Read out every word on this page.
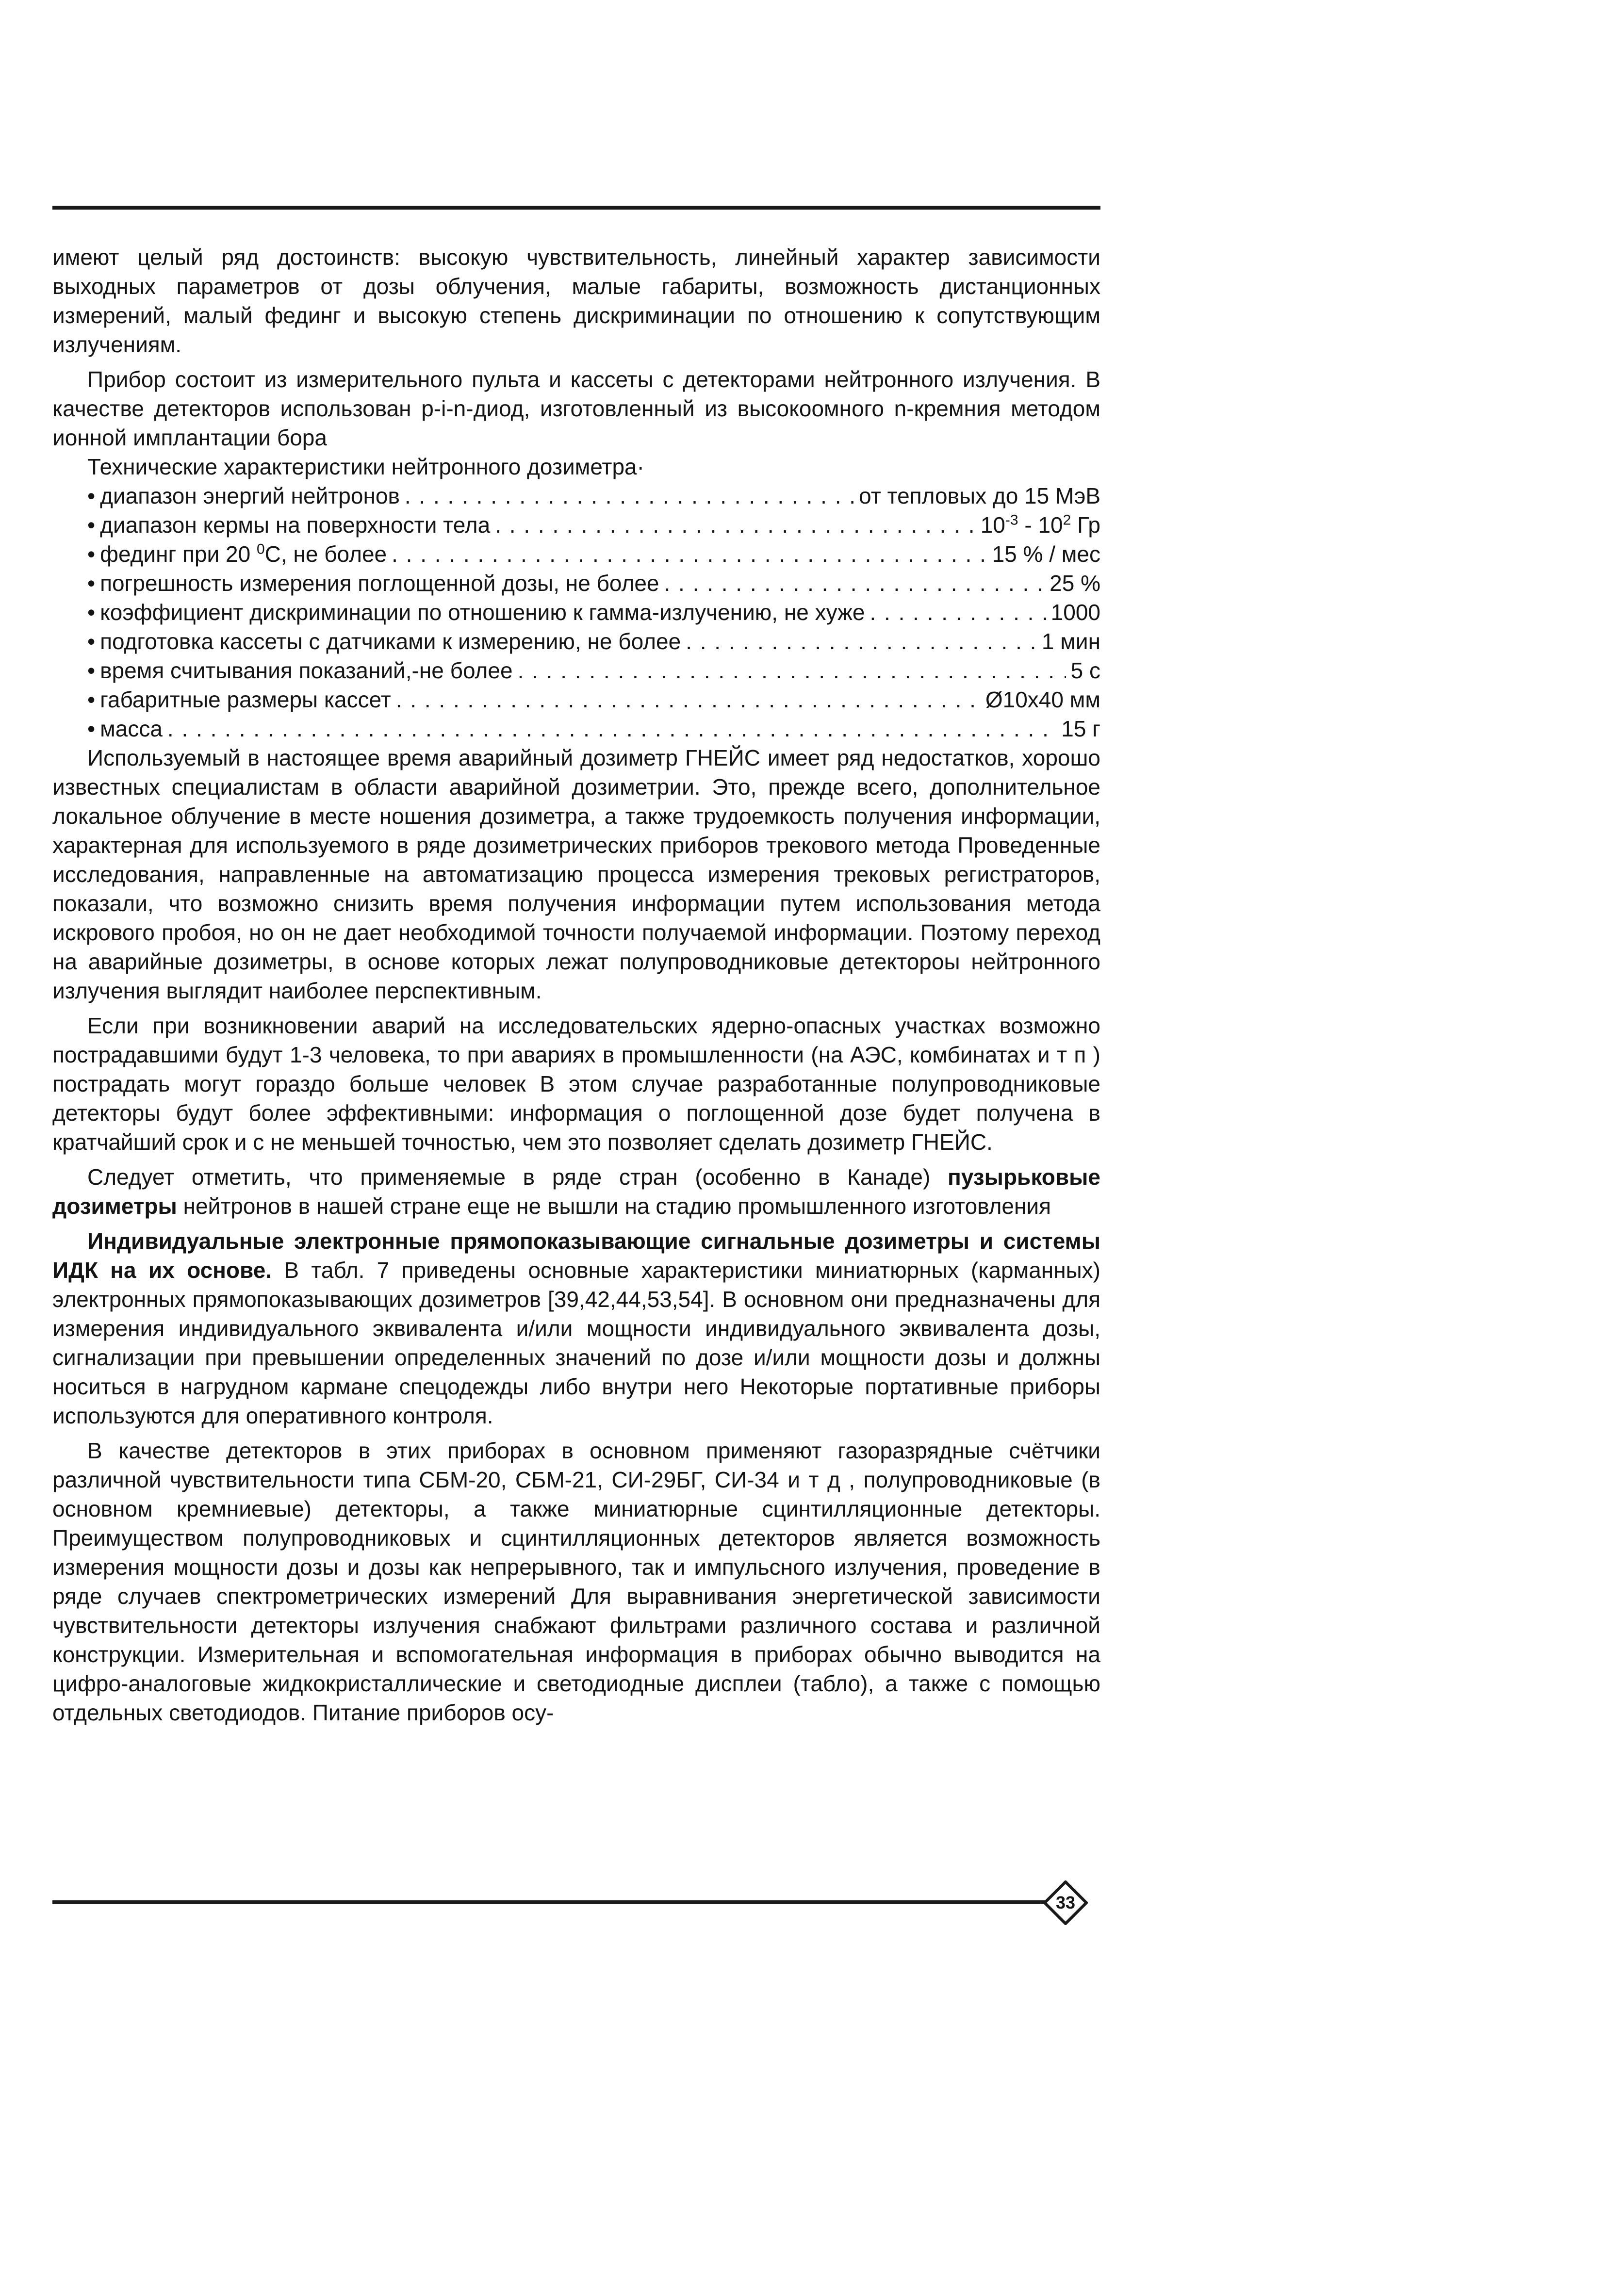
имеют целый ряд достоинств: высокую чувствительность, линейный характер зависимости выходных параметров от дозы облучения, малые габариты, возможность дистанционных измерений, малый фединг и высокую степень дискриминации по отношению к сопутствующим излучениям.

Прибор состоит из измерительного пульта и кассеты с детекторами нейтронного излучения. В качестве детекторов использован p-i-n-диод, изготовленный из высокоомного n-кремния методом ионной имплантации бора

Технические характеристики нейтронного дозиметра·

• диапазон энергий нейтронов . . .	от тепловых до 15 МэВ
• диапазон кермы на поверхности тела . . .	$10^{-3} - 10^2$ Гр
• фединг при 20 $^0$С, не более . . .	15 % / мес
• погрешность измерения поглощенной дозы, не более . . .	25 %
• коэффициент дискриминации по отношению к гамма-излучению, не хуже . . .	1000
• подготовка кассеты с датчиками к измерению, не более . . .	1 мин
• время считывания показаний,-не более . . .	5 с
• габаритные размеры кассет . . .	Ø10х40 мм
• масса . . .	15 г

Используемый в настоящее время аварийный дозиметр ГНЕЙС имеет ряд недостатков, хорошо известных специалистам в области аварийной дозиметрии. Это, прежде всего, дополнительное локальное облучение в месте ношения дозиметра, а также трудоемкость получения информации, характерная для используемого в ряде дозиметрических приборов трекового метода Проведенные исследования, направленные на автоматизацию процесса измерения трековых регистраторов, показали, что возможно снизить время получения информации путем использования метода искрового пробоя, но он не дает необходимой точности получаемой информации. Поэтому переход на аварийные дозиметры, в основе которых лежат полупроводниковые детектороы нейтронного излучения выглядит наиболее перспективным.

Если при возникновении аварий на исследовательских ядерно-опасных участках возможно пострадавшими будут 1-3 человека, то при авариях в промышленности (на АЭС, комбинатах и т п ) пострадать могут гораздо больше человек В этом случае разработанные полупроводниковые детекторы будут более эффективными: информация о поглощенной дозе будет получена в кратчайший срок и с не меньшей точностью, чем это позволяет сделать дозиметр ГНЕЙС.

Следует отметить, что применяемые в ряде стран (особенно в Канаде) пузырьковые дозиметры нейтронов в нашей стране еще не вышли на стадию промышленного изготовления

Индивидуальные электронные прямопоказывающие сигнальные дозиметры и системы ИДК на их основе. В табл. 7 приведены основные характеристики миниатюрных (карманных) электронных прямопоказывающих дозиметров [39,42,44,53,54]. В основном они предназначены для измерения индивидуального эквивалента и/или мощности индивидуального эквивалента дозы, сигнализации при превышении определенных значений по дозе и/или мощности дозы и должны носиться в нагрудном кармане спецодежды либо внутри него Некоторые портативные приборы используются для оперативного контроля.

В качестве детекторов в этих приборах в основном применяют газоразрядные счётчики различной чувствительности типа СБМ-20, СБМ-21, СИ-29БГ, СИ-34 и т д , полупроводниковые (в основном кремниевые) детекторы, а также миниатюрные сцинтилляционные детекторы. Преимуществом полупроводниковых и сцинтилляционных детекторов является возможность измерения мощности дозы и дозы как непрерывного, так и импульсного излучения, проведение в ряде случаев спектрометрических измерений Для выравнивания энергетической зависимости чувствительности детекторы излучения снабжают фильтрами различного состава и различной конструкции. Измерительная и вспомогательная информация в приборах обычно выводится на цифро-аналоговые жидкокристаллические и светодиодные дисплеи (табло), а также с помощью отдельных светодиодов. Питание приборов осу-

33
